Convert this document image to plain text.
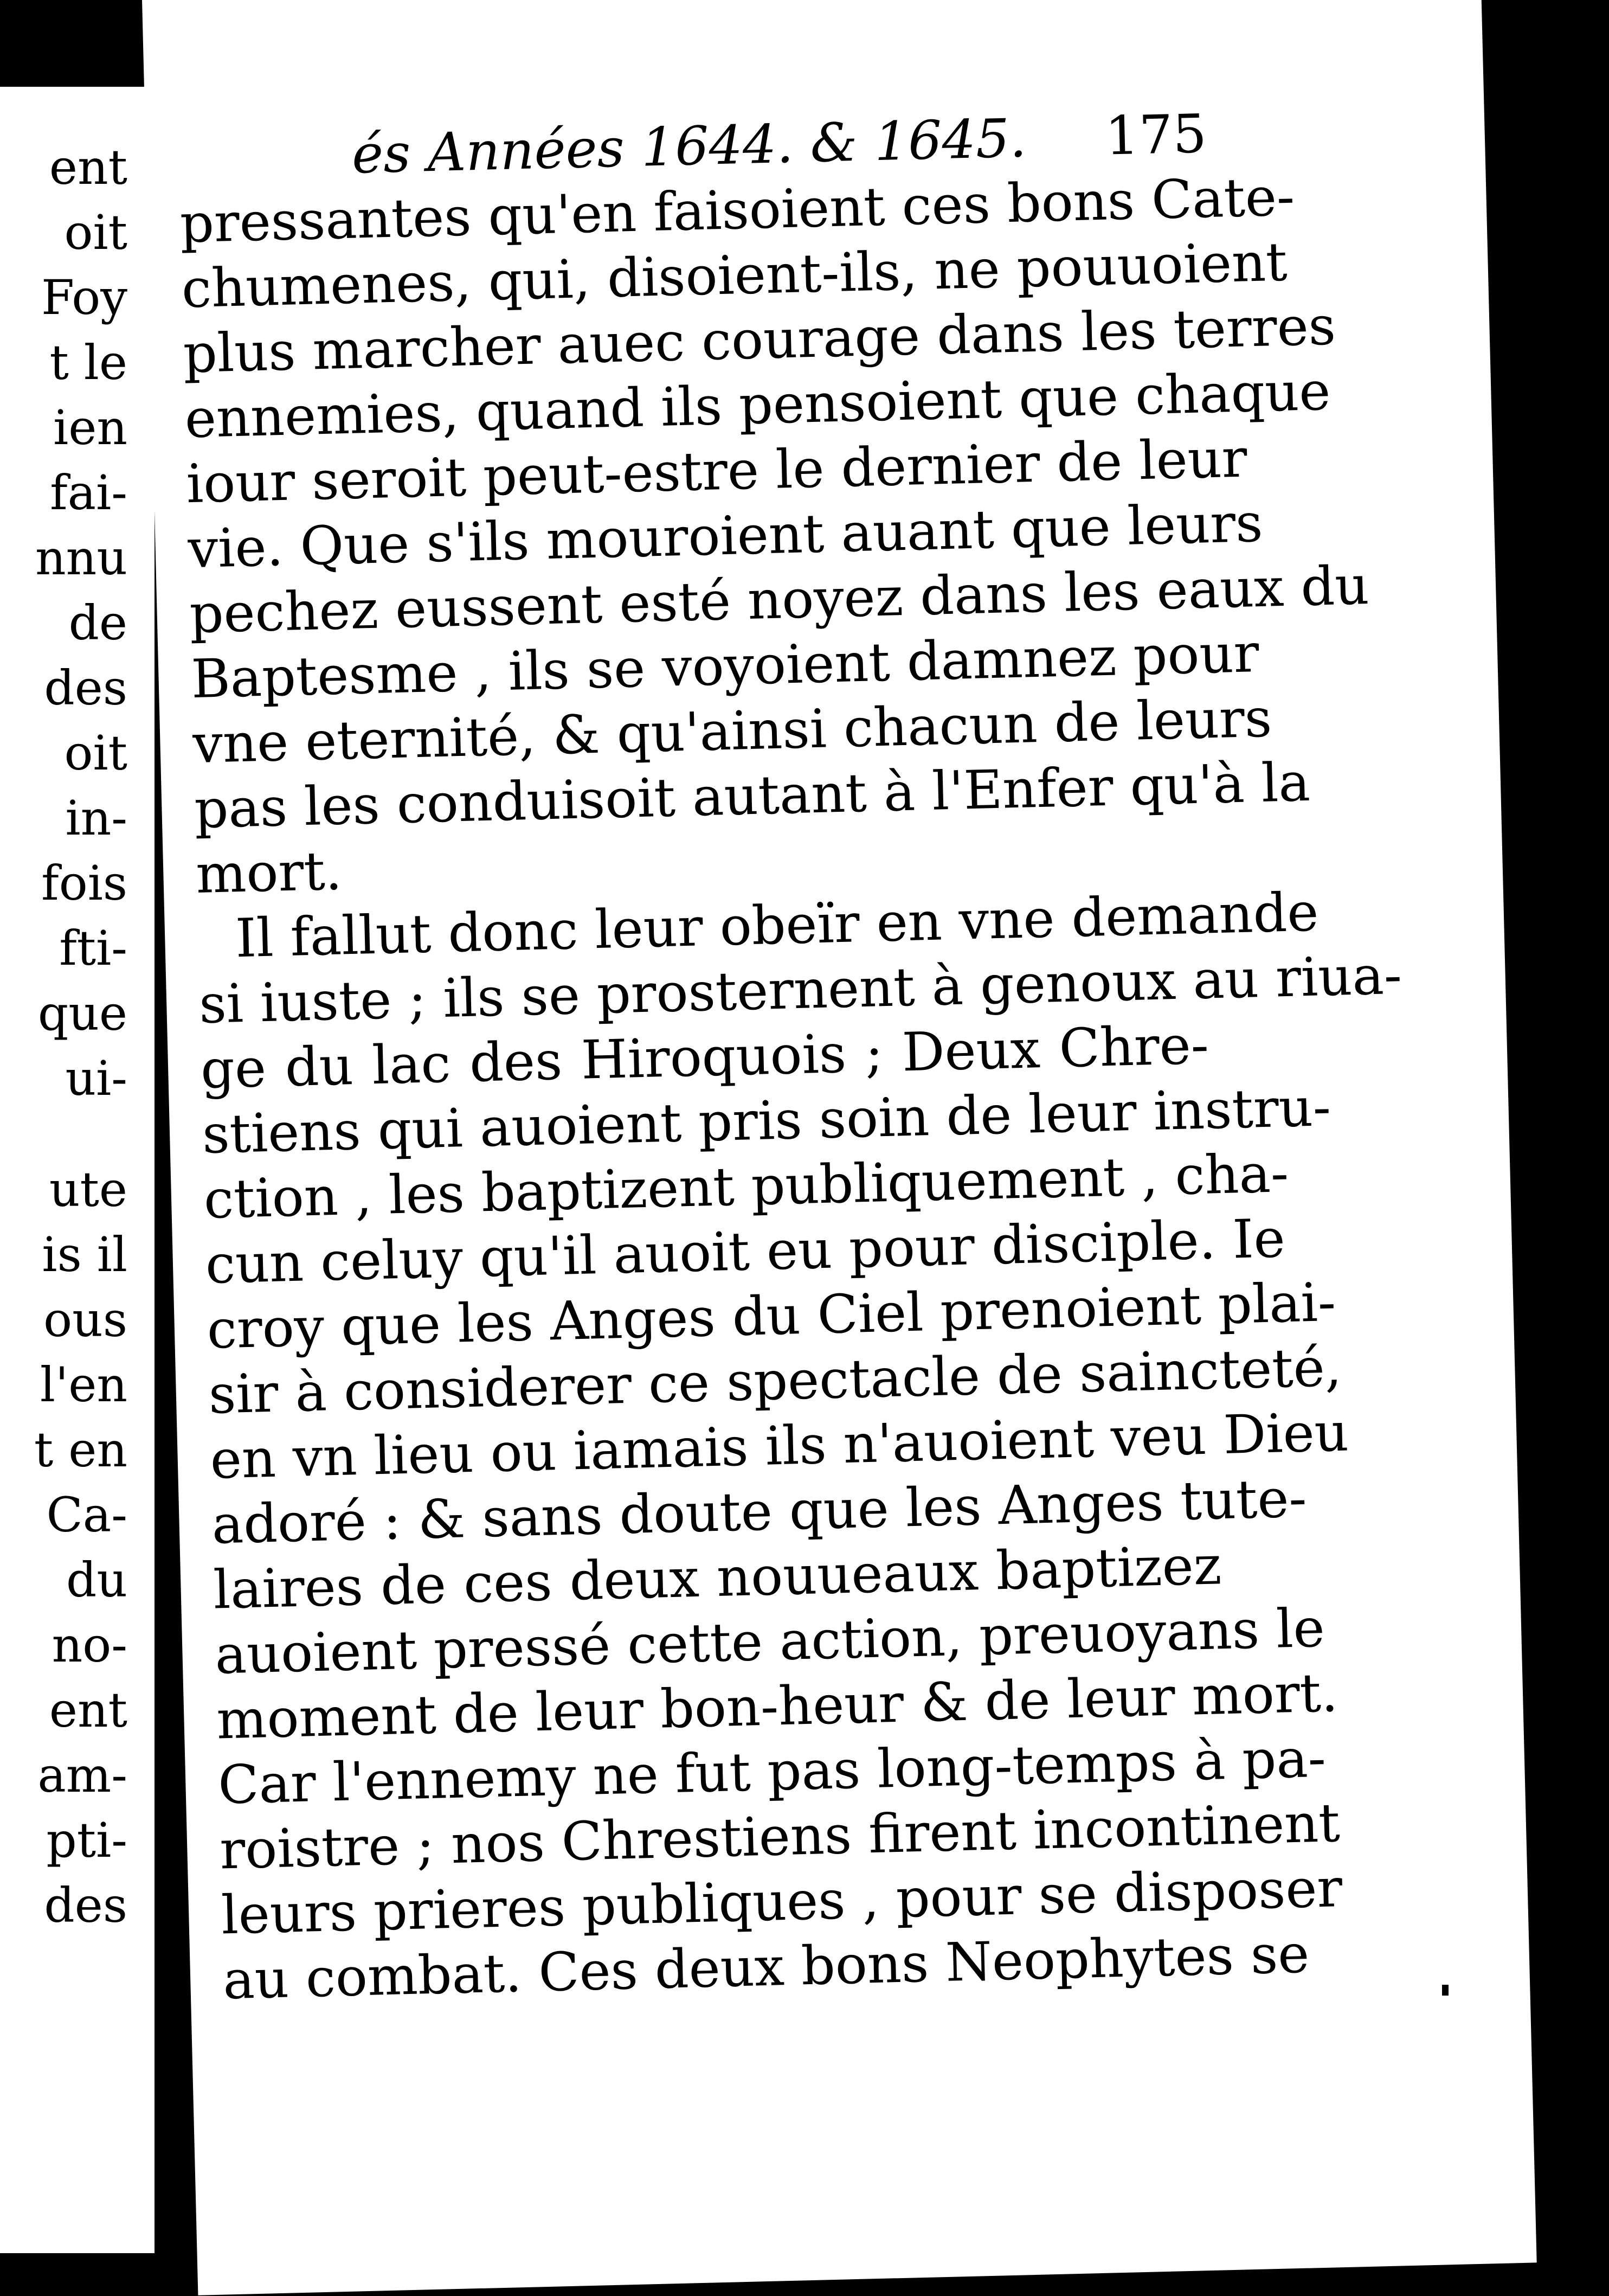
ent
oit
Foy
t le
ien
fai-
nnu
de
des
oit
in-
fois
fti-
que
ui-
ute
is il
ous
l'en
t en
Ca-
du
no-
ent
am-
pti-
des
és Années 1644. & 1645. 175
pressantes qu'en faisoient ces bons Cate-
chumenes, qui, disoient-ils, ne pouuoient
plus marcher auec courage dans les terres
ennemies, quand ils pensoient que chaque
iour seroit peut-estre le dernier de leur
vie. Que s'ils mouroient auant que leurs
pechez eussent esté noyez dans les eaux du
Baptesme , ils se voyoient damnez pour
vne eternité, & qu'ainsi chacun de leurs
pas les conduisoit autant à l'Enfer qu'à la
mort.
Il fallut donc leur obeïr en vne demande
si iuste ; ils se prosternent à genoux au riua-
ge du lac des Hiroquois ; Deux Chre-
stiens qui auoient pris soin de leur instru-
ction , les baptizent publiquement , cha-
cun celuy qu'il auoit eu pour disciple. Ie
croy que les Anges du Ciel prenoient plai-
sir à considerer ce spectacle de saincteté,
en vn lieu ou iamais ils n'auoient veu Dieu
adoré : & sans doute que les Anges tute-
laires de ces deux nouueaux baptizez
auoient pressé cette action, preuoyans le
moment de leur bon-heur & de leur mort.
Car l'ennemy ne fut pas long-temps à pa-
roistre ; nos Chrestiens firent incontinent
leurs prieres publiques , pour se disposer
au combat. Ces deux bons Neophytes se
